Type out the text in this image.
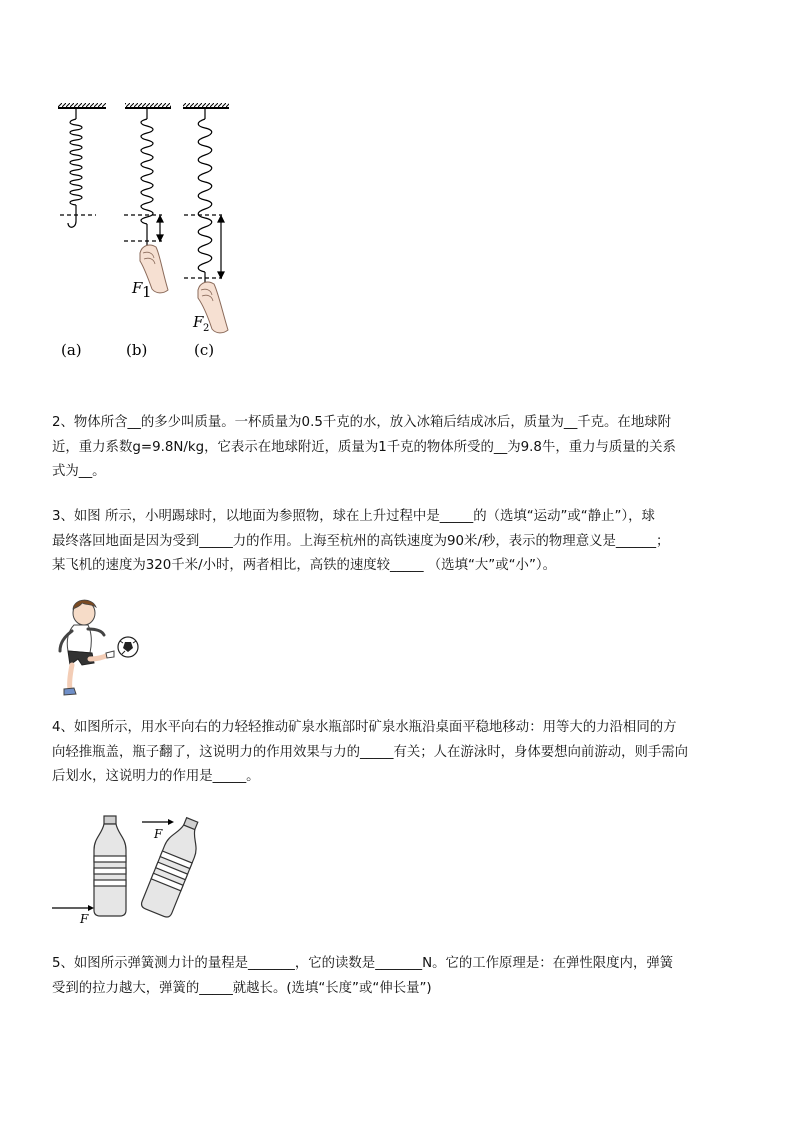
F 1
F 2
(a)	(b)	(c)
2、物体所含__的多少叫质量。一杯质量为0.5千克的水，放入冰箱后结成冰后，质量为__千克。在地球附
近，重力系数g=9.8N/kg，它表示在地球附近，质量为1千克的物体所受的__为9.8牛，重力与质量的关系
式为__。
3、如图 所示，小明踢球时，以地面为参照物，球在上升过程中是_____的（选填“运动”或“静止”），球
最终落回地面是因为受到_____力的作用。上海至杭州的高铁速度为90米/秒，表示的物理意义是______；
某飞机的速度为320千米/小时，两者相比，高铁的速度较_____ （选填“大”或“小”）。
4、如图所示，用水平向右的力轻轻推动矿泉水瓶部时矿泉水瓶沿桌面平稳地移动：用等大的力沿相同的方
向轻推瓶盖，瓶子翻了，这说明力的作用效果与力的_____有关；人在游泳时，身体要想向前游动，则手需向
后划水，这说明力的作用是_____。
F
F
5、如图所示弹簧测力计的量程是_______，它的读数是_______N。它的工作原理是：在弹性限度内，弹簧
受到的拉力越大，弹簧的_____就越长。(选填“长度”或“伸长量”)
